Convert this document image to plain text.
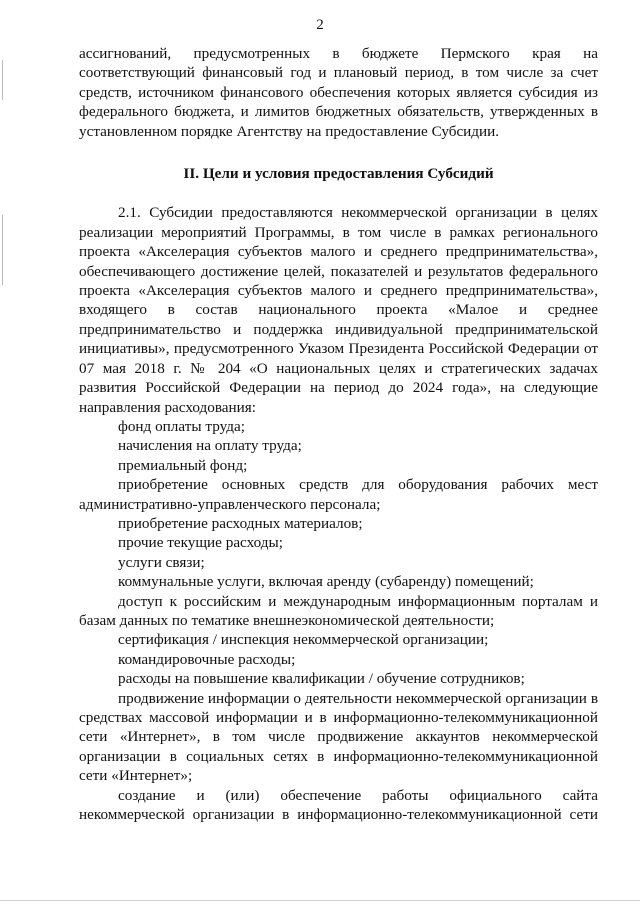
2

ассигнований, предусмотренных в бюджете Пермского края на соответствующий финансовый год и плановый период, в том числе за счет средств, источником финансового обеспечения которых является субсидия из федерального бюджета, и лимитов бюджетных обязательств, утвержденных в установленном порядке Агентству на предоставление Субсидии.

II. Цели и условия предоставления Субсидий

2.1. Субсидии предоставляются некоммерческой организации в целях реализации мероприятий Программы, в том числе в рамках регионального проекта «Акселерация субъектов малого и среднего предпринимательства», обеспечивающего достижение целей, показателей и результатов федерального проекта «Акселерация субъектов малого и среднего предпринимательства», входящего в состав национального проекта «Малое и среднее предпринимательство и поддержка индивидуальной предпринимательской инициативы», предусмотренного Указом Президента Российской Федерации от 07 мая 2018 г. № 204 «О национальных целях и стратегических задачах развития Российской Федерации на период до 2024 года», на следующие направления расходования:

фонд оплаты труда;

начисления на оплату труда;

премиальный фонд;

приобретение основных средств для оборудования рабочих мест административно-управленческого персонала;

приобретение расходных материалов;

прочие текущие расходы;

услуги связи;

коммунальные услуги, включая аренду (субаренду) помещений;

доступ к российским и международным информационным порталам и базам данных по тематике внешнеэкономической деятельности;

сертификация / инспекция некоммерческой организации;

командировочные расходы;

расходы на повышение квалификации / обучение сотрудников;

продвижение информации о деятельности некоммерческой организации в средствах массовой информации и в информационно-телекоммуникационной сети «Интернет», в том числе продвижение аккаунтов некоммерческой организации в социальных сетях в информационно-телекоммуникационной сети «Интернет»;

создание и (или) обеспечение работы официального сайта некоммерческой организации в информационно-телекоммуникационной сети
